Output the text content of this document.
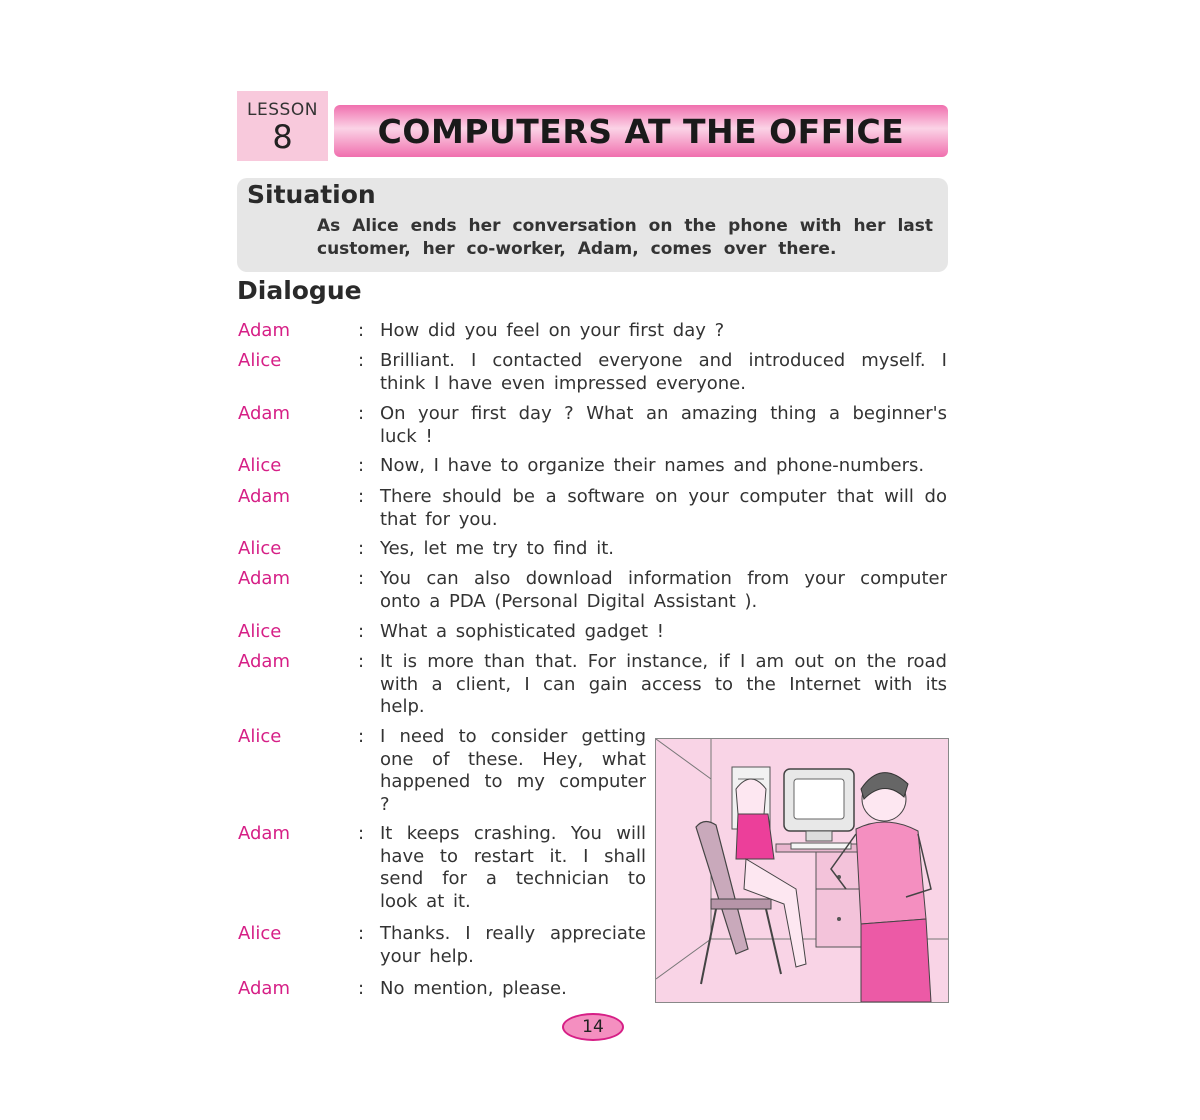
LESSON
8	COMPUTERS AT THE OFFICE
Situation
As Alice ends her conversation on the phone with her last customer, her co-worker, Adam, comes over there.
Dialogue
Adam	: How did you feel on your first day ?
Alice	: Brilliant. I contacted everyone and introduced myself. I think I have even impressed everyone.
Adam	: On your first day ? What an amazing thing a beginner's luck !
Alice	: Now, I have to organize their names and phone-numbers.
Adam	: There should be a software on your computer that will do that for you.
Alice	: Yes, let me try to find it.
Adam	: You can also download information from your computer onto a PDA (Personal Digital Assistant ).
Alice	: What a sophisticated gadget !
Adam	: It is more than that. For instance, if I am out on the road with a client, I can gain access to the Internet with its help.
Alice	: I need to consider getting one of these. Hey, what happened to my computer ?
Adam	: It keeps crashing. You will have to restart it. I shall send for a technician to look at it.
Alice	: Thanks. I really appreciate your help.
Adam	: No mention, please.
14
